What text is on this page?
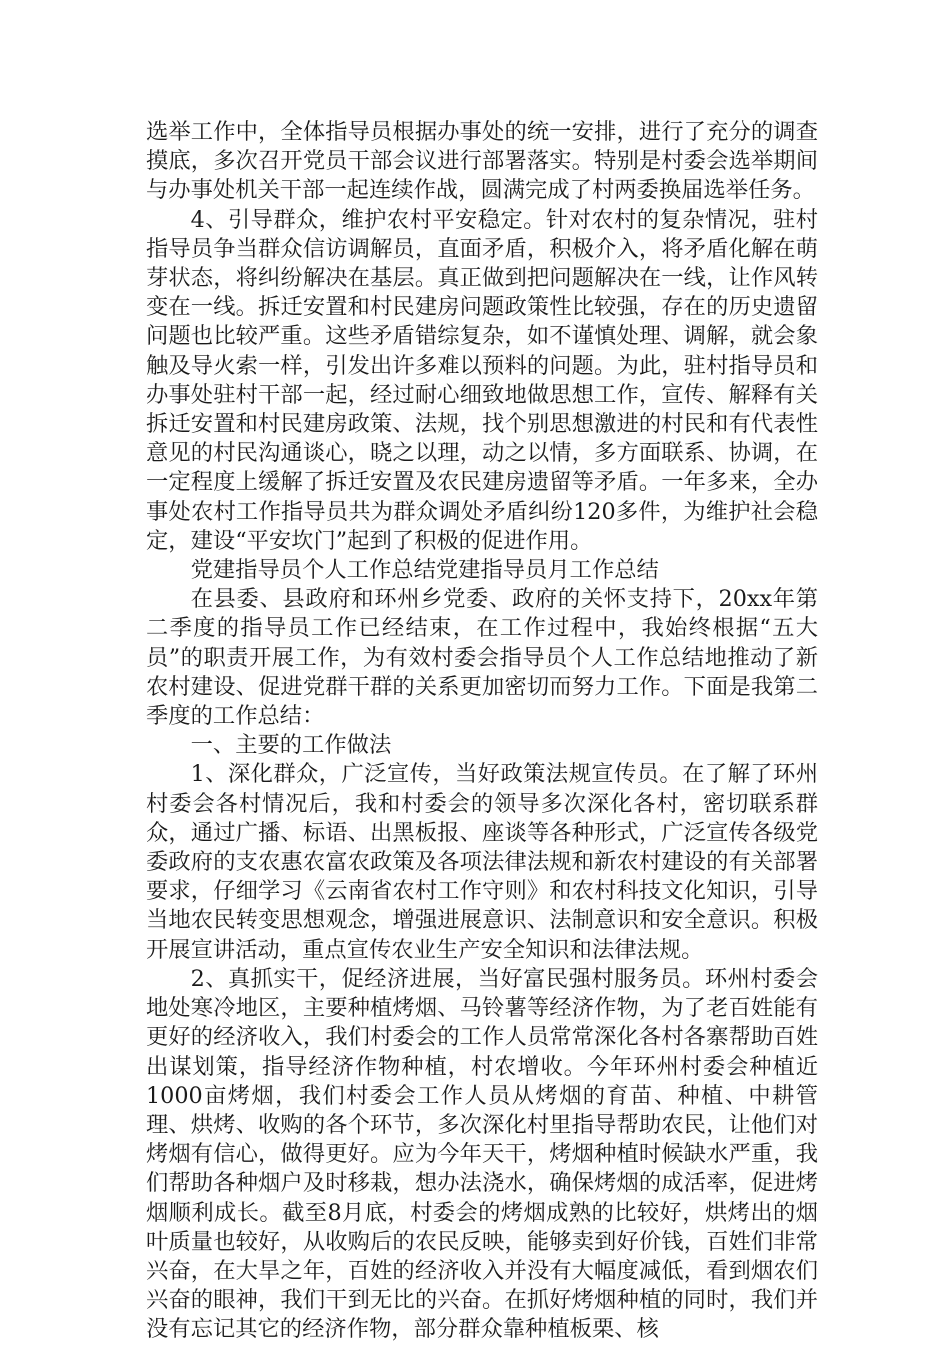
选举工作中，全体指导员根据办事处的统一安排，进行了充分的调查摸底，多次召开党员干部会议进行部署落实。特别是村委会选举期间与办事处机关干部一起连续作战，圆满完成了村两委换届选举任务。

4、引导群众，维护农村平安稳定。针对农村的复杂情况，驻村指导员争当群众信访调解员，直面矛盾，积极介入，将矛盾化解在萌芽状态，将纠纷解决在基层。真正做到把问题解决在一线，让作风转变在一线。拆迁安置和村民建房问题政策性比较强，存在的历史遗留问题也比较严重。这些矛盾错综复杂，如不谨慎处理、调解，就会象触及导火索一样，引发出许多难以预料的问题。为此，驻村指导员和办事处驻村干部一起，经过耐心细致地做思想工作，宣传、解释有关拆迁安置和村民建房政策、法规，找个别思想激进的村民和有代表性意见的村民沟通谈心，晓之以理，动之以情，多方面联系、协调，在一定程度上缓解了拆迁安置及农民建房遗留等矛盾。一年多来，全办事处农村工作指导员共为群众调处矛盾纠纷120多件，为维护社会稳定，建设“平安坎门”起到了积极的促进作用。

党建指导员个人工作总结党建指导员月工作总结

在县委、县政府和环州乡党委、政府的关怀支持下，20xx年第二季度的指导员工作已经结束，在工作过程中，我始终根据“五大员”的职责开展工作，为有效村委会指导员个人工作总结地推动了新农村建设、促进党群干群的关系更加密切而努力工作。下面是我第二季度的工作总结：

一、主要的工作做法

1、深化群众，广泛宣传，当好政策法规宣传员。在了解了环州村委会各村情况后，我和村委会的领导多次深化各村，密切联系群众，通过广播、标语、出黑板报、座谈等各种形式，广泛宣传各级党委政府的支农惠农富农政策及各项法律法规和新农村建设的有关部署要求，仔细学习《云南省农村工作守则》和农村科技文化知识，引导当地农民转变思想观念，增强进展意识、法制意识和安全意识。积极开展宣讲活动，重点宣传农业生产安全知识和法律法规。

2、真抓实干，促经济进展，当好富民强村服务员。环州村委会地处寒冷地区，主要种植烤烟、马铃薯等经济作物，为了老百姓能有更好的经济收入，我们村委会的工作人员常常深化各村各寨帮助百姓出谋划策，指导经济作物种植，村农增收。今年环州村委会种植近1000亩烤烟，我们村委会工作人员从烤烟的育苗、种植、中耕管理、烘烤、收购的各个环节，多次深化村里指导帮助农民，让他们对烤烟有信心，做得更好。应为今年天干，烤烟种植时候缺水严重，我们帮助各种烟户及时移栽，想办法浇水，确保烤烟的成活率，促进烤烟顺利成长。截至8月底，村委会的烤烟成熟的比较好，烘烤出的烟叶质量也较好，从收购后的农民反映，能够卖到好价钱，百姓们非常兴奋，在大旱之年，百姓的经济收入并没有大幅度减低，看到烟农们兴奋的眼神，我们干到无比的兴奋。在抓好烤烟种植的同时，我们并没有忘记其它的经济作物，部分群众靠种植板栗、核
